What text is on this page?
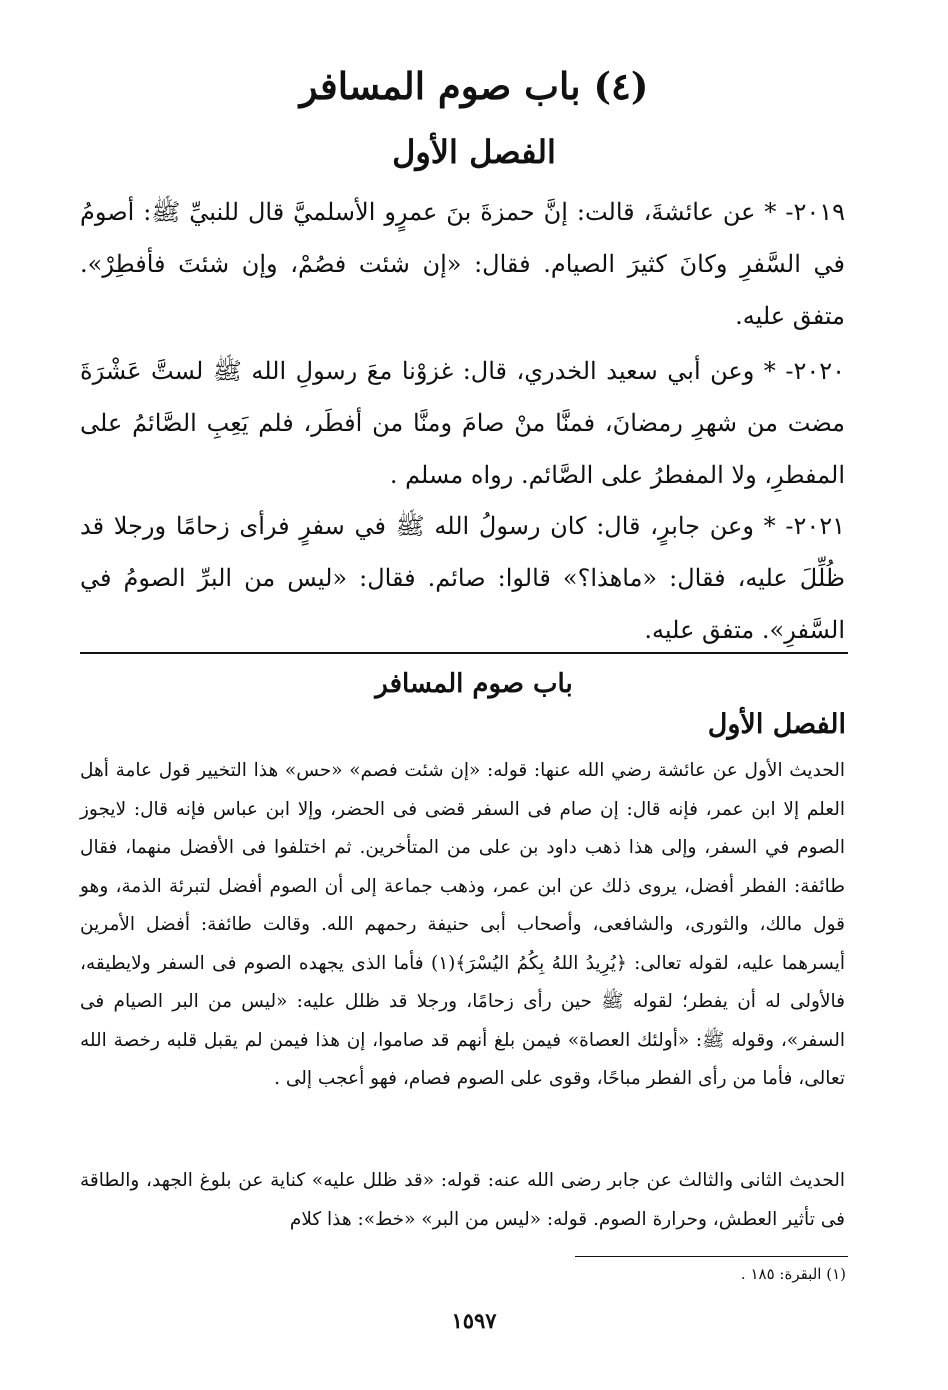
(٤) باب صوم المسافر
الفصل الأول
٢٠١٩- * عن عائشةَ، قالت: إنَّ حمزةَ بنَ عمرٍو الأسلميَّ قال للنبيِّ ﷺ: أصومُ في السَّفرِ وكانَ كثيرَ الصيام. فقال: «إن شئت فصُمْ، وإن شئتَ فأفطِرْ». متفق عليه.
٢٠٢٠- * وعن أبي سعيد الخدري، قال: غزوْنا معَ رسولِ الله ﷺ لستَّ عَشْرَةَ مضت من شهرِ رمضانَ، فمنَّا منْ صامَ ومنَّا من أفطَر، فلم يَعِبِ الصَّائمُ على المفطرِ، ولا المفطرُ على الصَّائم. رواه مسلم .
٢٠٢١- * وعن جابرٍ، قال: كان رسولُ الله ﷺ في سفرٍ فرأى زحامًا ورجلا قد ظُلِّلَ عليه، فقال: «ماهذا؟» قالوا: صائم. فقال: «ليس من البرِّ الصومُ في السَّفرِ». متفق عليه.
باب صوم المسافر
الفصل الأول
الحديث الأول عن عائشة رضي الله عنها: قوله: «إن شئت فصم» «حس» هذا التخيير قول عامة أهل العلم إلا ابن عمر، فإنه قال: إن صام فى السفر قضى فى الحضر، وإلا ابن عباس فإنه قال: لايجوز الصوم في السفر، وإلى هذا ذهب داود بن على من المتأخرين. ثم اختلفوا فى الأفضل منهما، فقال طائفة: الفطر أفضل، يروى ذلك عن ابن عمر، وذهب جماعة إلى أن الصوم أفضل لتبرئة الذمة، وهو قول مالك، والثورى، والشافعى، وأصحاب أبى حنيفة رحمهم الله. وقالت طائفة: أفضل الأمرين أيسرهما عليه، لقوله تعالى: ﴿يُرِيدُ اللهُ بِكُمُ اليُسْرَ﴾(١) فأما الذى يجهده الصوم فى السفر ولايطيقه، فالأولى له أن يفطر؛ لقوله ﷺ حين رأى زحامًا، ورجلا قد ظلل عليه: «ليس من البر الصيام فى السفر»، وقوله ﷺ: «أولئك العصاة» فيمن بلغ أنهم قد صاموا، إن هذا فيمن لم يقبل قلبه رخصة الله تعالى، فأما من رأى الفطر مباحًا، وقوى على الصوم فصام، فهو أعجب إلى .
الحديث الثانى والثالث عن جابر رضى الله عنه: قوله: «قد ظلل عليه» كناية عن بلوغ الجهد، والطاقة فى تأثير العطش، وحرارة الصوم. قوله: «ليس من البر» «خط»: هذا كلام
(١) البقرة: ١٨٥ .
١٥٩٧
